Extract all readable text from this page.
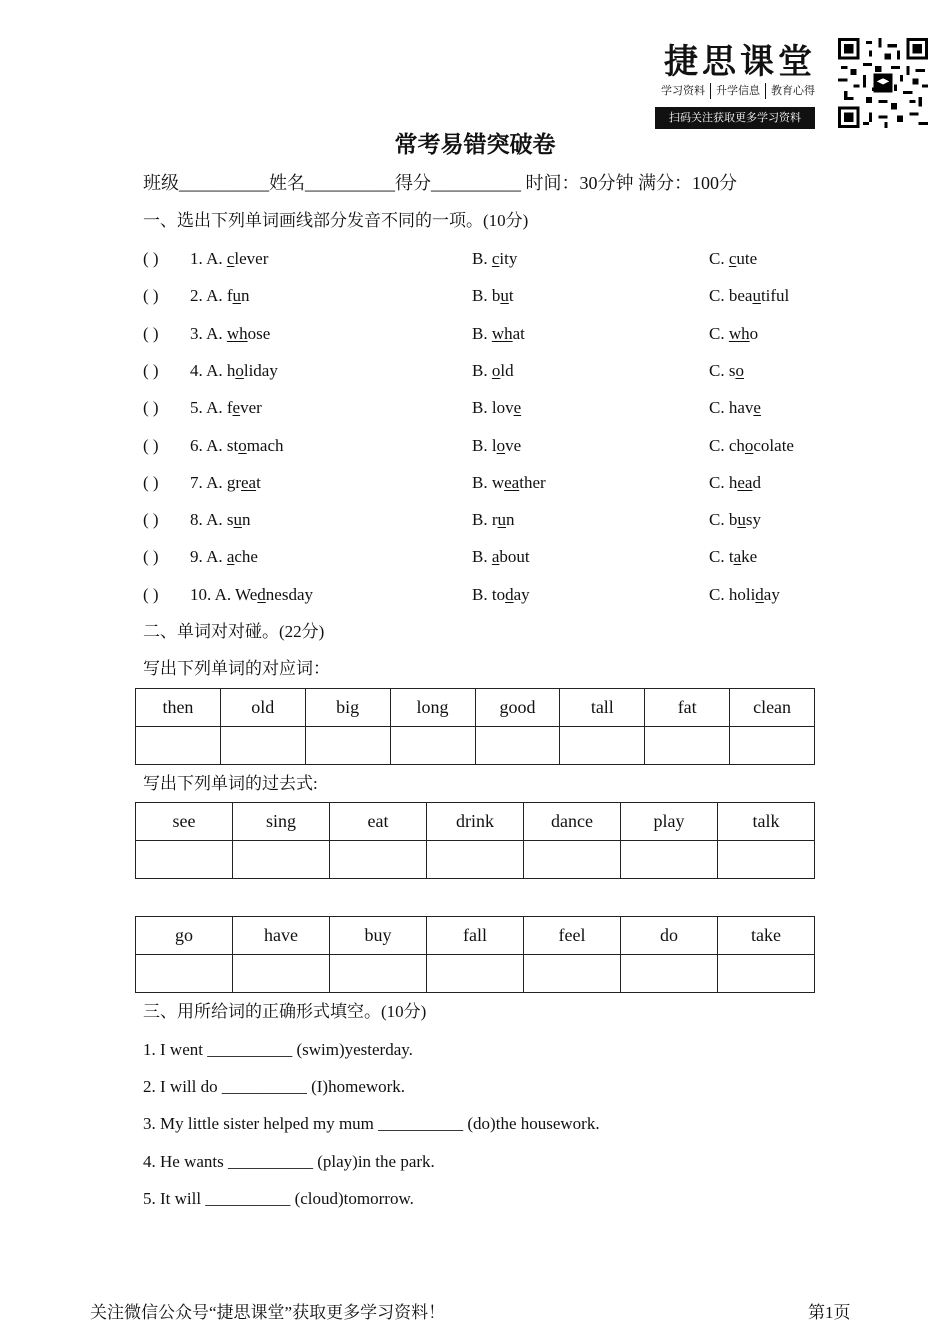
捷思课堂
学习资料 升学信息 教育心得
扫码关注获取更多学习资料
常考易错突破卷
班级__________姓名__________得分__________ 时间：30分钟 满分：100分
一、选出下列单词画线部分发音不同的一项。(10分)
( ) 1. A. clever	B. city	C. cute
( ) 2. A. fun	B. but	C. beautiful
( ) 3. A. whose	B. what	C. who
( ) 4. A. holiday	B. old	C. so
( ) 5. A. fever	B. love	C. have
( ) 6. A. stomach	B. love	C. chocolate
( ) 7. A. great	B. weather	C. head
( ) 8. A. sun	B. run	C. busy
( ) 9. A. ache	B. about	C. take
( ) 10. A. Wednesday	B. today	C. holiday
二、单词对对碰。(22分)
写出下列单词的对应词：
then	old	big	long	good	tall	fat	clean

写出下列单词的过去式:
see	sing	eat	drink	dance	play	talk

go	have	buy	fall	feel	do	take

三、用所给词的正确形式填空。(10分)
1. I went __________ (swim)yesterday.
2. I will do __________ (I)homework.
3. My little sister helped my mum __________ (do)the housework.
4. He wants __________ (play)in the park.
5. It will __________ (cloud)tomorrow.
关注微信公众号“捷思课堂”获取更多学习资料！	第1页
